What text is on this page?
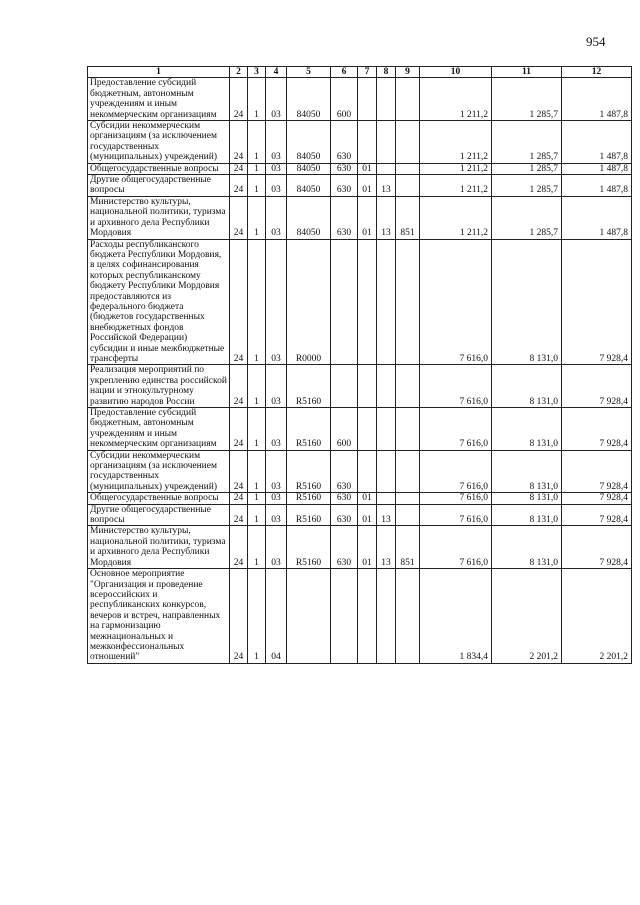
954
1	2	3	4	5	6	7	8	9	10	11	12
Предоставление субсидий бюджетным, автономным учреждениям и иным некоммерческим организациям	24	1	03	84050	600				1 211,2	1 285,7	1 487,8
Субсидии некоммерческим организациям (за исключением государственных (муниципальных) учреждений)	24	1	03	84050	630				1 211,2	1 285,7	1 487,8
Общегосударственные вопросы	24	1	03	84050	630	01			1 211,2	1 285,7	1 487,8
Другие общегосударственные вопросы	24	1	03	84050	630	01	13		1 211,2	1 285,7	1 487,8
Министерство культуры, национальной политики, туризма и архивного дела Республики Мордовия	24	1	03	84050	630	01	13	851	1 211,2	1 285,7	1 487,8
Расходы республиканского бюджета Республики Мордовия, в целях софинансирования которых республиканскому бюджету Республики Мордовия предоставляются из федерального бюджета (бюджетов государственных внебюджетных фондов Российской Федерации) субсидии и иные межбюджетные трансферты	24	1	03	R0000					7 616,0	8 131,0	7 928,4
Реализация мероприятий по укреплению единства российской нации и этнокультурному развитию народов России	24	1	03	R5160					7 616,0	8 131,0	7 928,4
Предоставление субсидий бюджетным, автономным учреждениям и иным некоммерческим организациям	24	1	03	R5160	600				7 616,0	8 131,0	7 928,4
Субсидии некоммерческим организациям (за исключением государственных (муниципальных) учреждений)	24	1	03	R5160	630				7 616,0	8 131,0	7 928,4
Общегосударственные вопросы	24	1	03	R5160	630	01			7 616,0	8 131,0	7 928,4
Другие общегосударственные вопросы	24	1	03	R5160	630	01	13		7 616,0	8 131,0	7 928,4
Министерство культуры, национальной политики, туризма и архивного дела Республики Мордовия	24	1	03	R5160	630	01	13	851	7 616,0	8 131,0	7 928,4
Основное мероприятие "Организация и проведение всероссийских и республиканских конкурсов, вечеров и встреч, направленных на гармонизацию межнациональных и межконфессиональных отношений"	24	1	04						1 834,4	2 201,2	2 201,2
